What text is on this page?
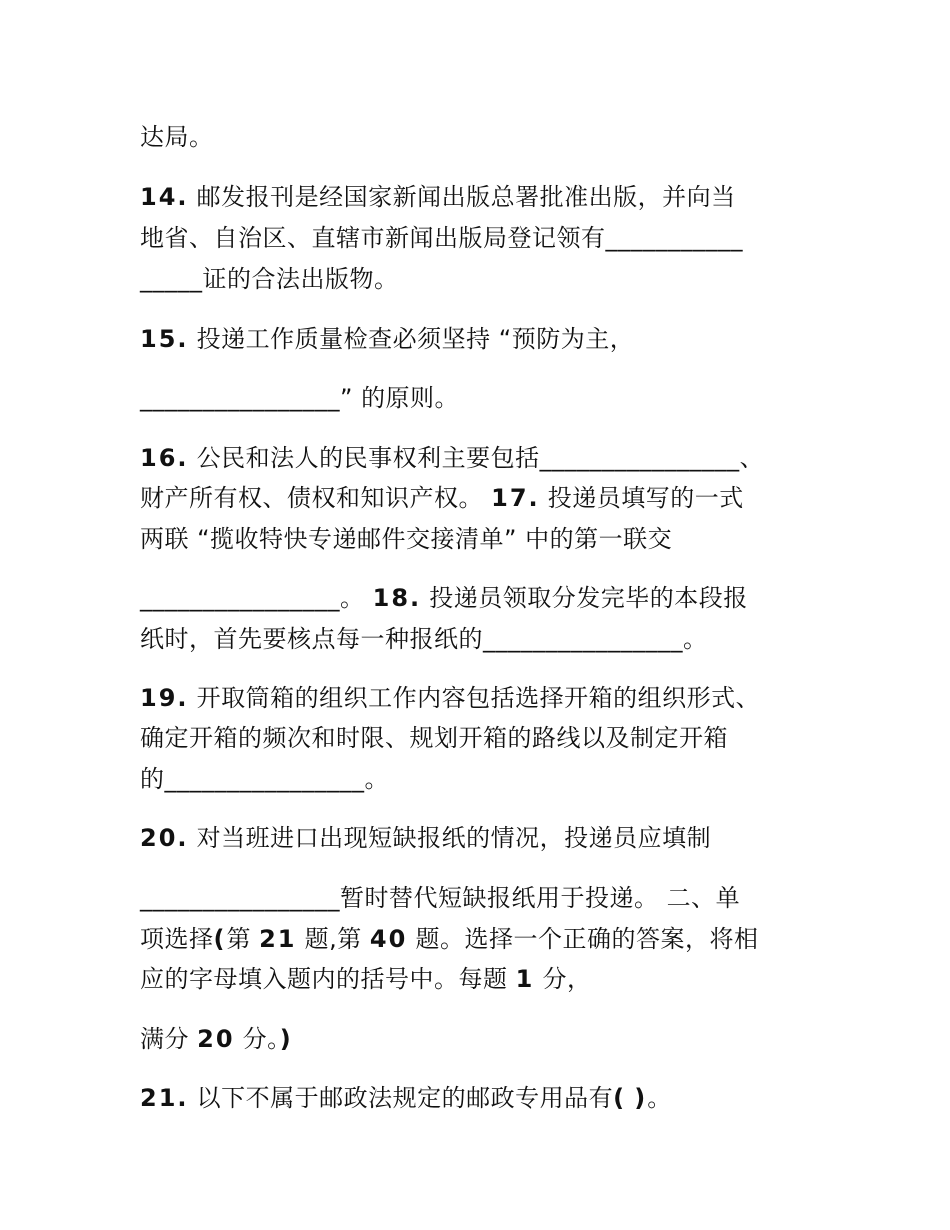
达局。

14. 邮发报刊是经国家新闻出版总署批准出版，并向当

地省、自治区、直辖市新闻出版局登记领有___________

_____证的合法出版物。

15. 投递工作质量检查必须坚持 “预防为主，

________________” 的原则。

16. 公民和法人的民事权利主要包括________________、

财产所有权、债权和知识产权。 17. 投递员填写的一式

两联 “揽收特快专递邮件交接清单” 中的第一联交

________________。 18. 投递员领取分发完毕的本段报

纸时，首先要核点每一种报纸的________________。

19. 开取筒箱的组织工作内容包括选择开箱的组织形式、

确定开箱的频次和时限、规划开箱的路线以及制定开箱

的________________。

20. 对当班进口出现短缺报纸的情况，投递员应填制

________________暂时替代短缺报纸用于投递。 二、单

项选择(第 21 题,第 40 题。选择一个正确的答案，将相

应的字母填入题内的括号中。每题 1 分，

满分 20 分。)

21. 以下不属于邮政法规定的邮政专用品有( )。
